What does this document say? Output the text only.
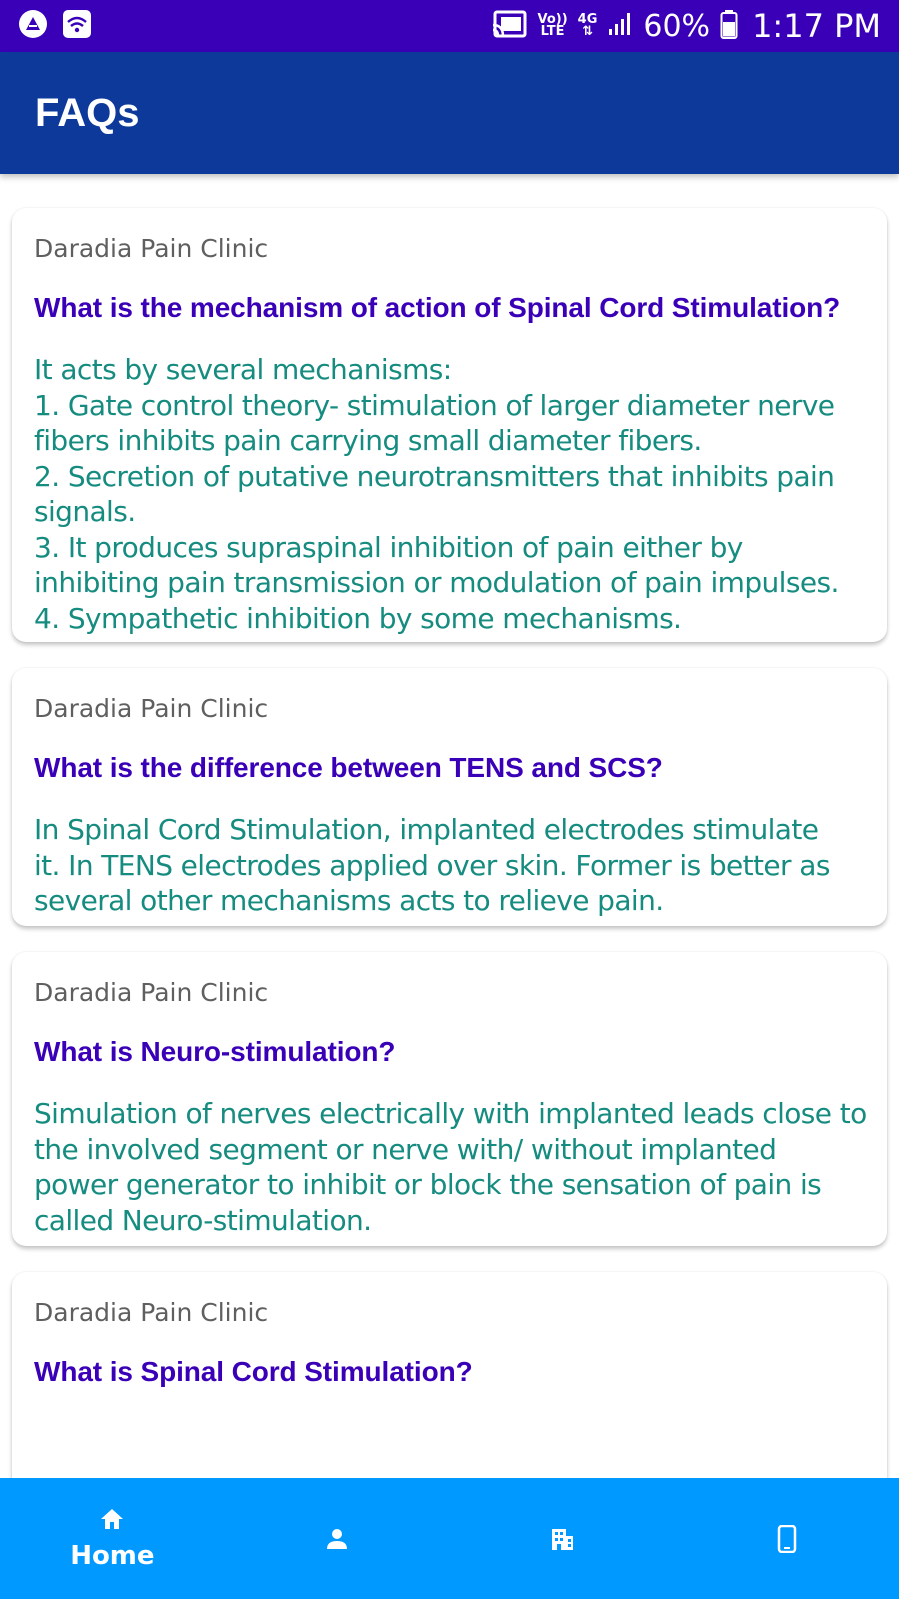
Vo))
LTE
4G
⇅ 60% 1:17 PM
FAQs
Daradia Pain Clinic
What is the mechanism of action of Spinal Cord Stimulation?
It acts by several mechanisms:
1. Gate control theory- stimulation of larger diameter nerve fibers inhibits pain carrying small diameter fibers.
2. Secretion of putative neurotransmitters that inhibits pain signals.
3. It produces supraspinal inhibition of pain either by inhibiting pain transmission or modulation of pain impulses.
4. Sympathetic inhibition by some mechanisms.
Daradia Pain Clinic
What is the difference between TENS and SCS?
In Spinal Cord Stimulation, implanted electrodes stimulate it. In TENS electrodes applied over skin. Former is better as several other mechanisms acts to relieve pain.
Daradia Pain Clinic
What is Neuro-stimulation?
Simulation of nerves electrically with implanted leads close to the involved segment or nerve with/ without implanted power generator to inhibit or block the sensation of pain is called Neuro-stimulation.
Daradia Pain Clinic
What is Spinal Cord Stimulation?
Home
